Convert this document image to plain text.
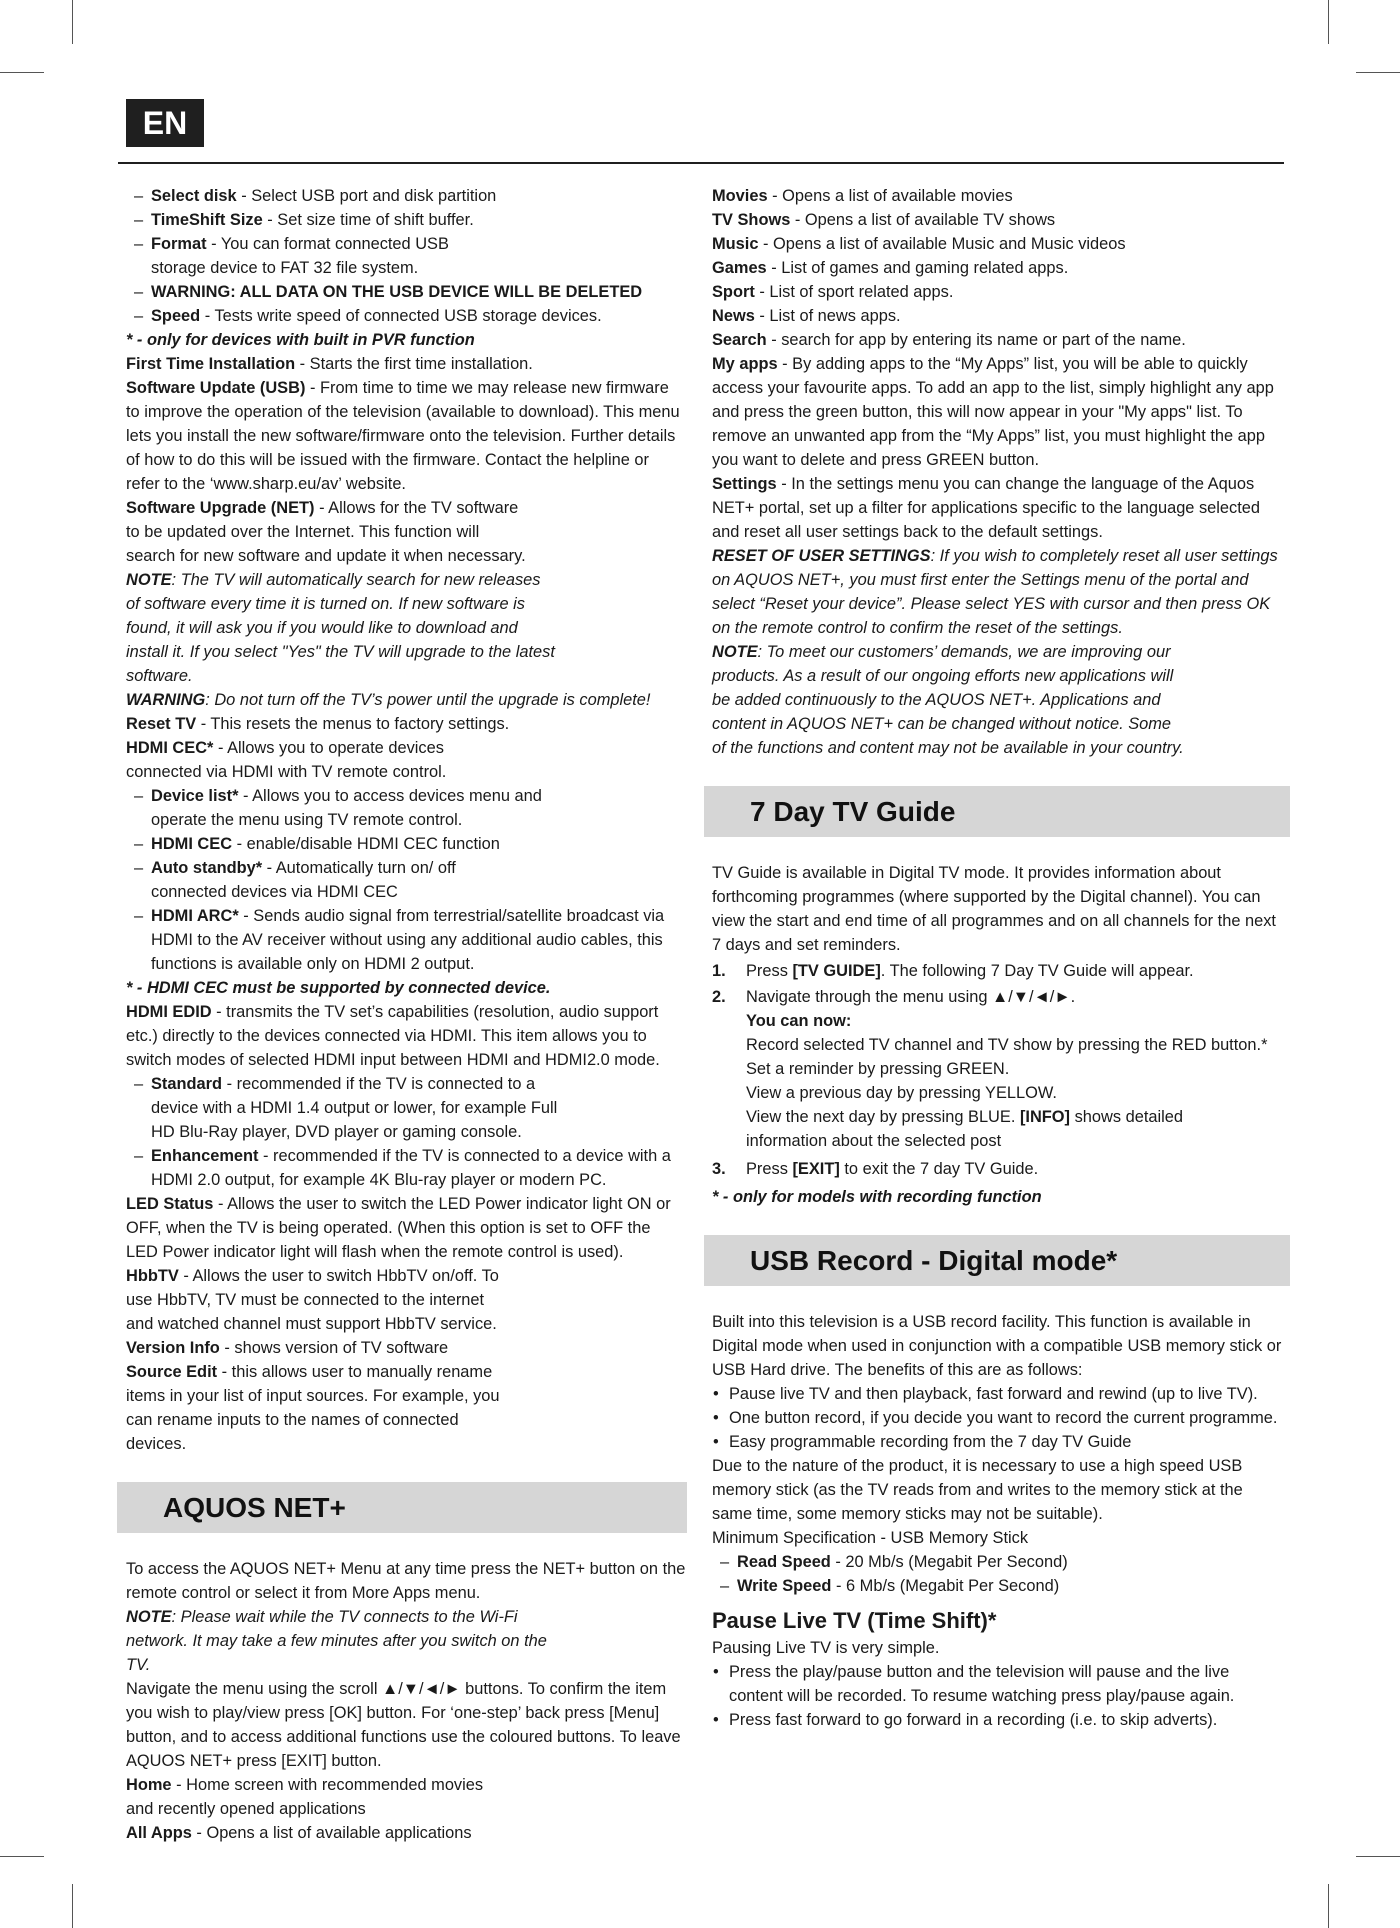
EN
– Select disk - Select USB port and disk partition
– TimeShift Size - Set size time of shift buffer.
– Format - You can format connected USB storage device to FAT 32 file system.
– WARNING: ALL DATA ON THE USB DEVICE WILL BE DELETED
– Speed - Tests write speed of connected USB storage devices.
* - only for devices with built in PVR function
First Time Installation - Starts the first time installation.
Software Update (USB) - From time to time we may release new firmware to improve the operation of the television (available to download). This menu lets you install the new software/firmware onto the television. Further details of how to do this will be issued with the firmware. Contact the helpline or refer to the ‘www.sharp.eu/av’ website.
Software Upgrade (NET) - Allows for the TV software to be updated over the Internet. This function will search for new software and update it when necessary.
NOTE: The TV will automatically search for new releases of software every time it is turned on. If new software is found, it will ask you if you would like to download and install it. If you select "Yes" the TV will upgrade to the latest software.
WARNING: Do not turn off the TV’s power until the upgrade is complete!
Reset TV - This resets the menus to factory settings.
HDMI CEC* - Allows you to operate devices connected via HDMI with TV remote control.
– Device list* - Allows you to access devices menu and operate the menu using TV remote control.
– HDMI CEC - enable/disable HDMI CEC function
– Auto standby* - Automatically turn on/ off connected devices via HDMI CEC
– HDMI ARC* - Sends audio signal from terrestrial/satellite broadcast via HDMI to the AV receiver without using any additional audio cables, this functions is available only on HDMI 2 output.
* - HDMI CEC must be supported by connected device.
HDMI EDID - transmits the TV set’s capabilities (resolution, audio support etc.) directly to the devices connected via HDMI. This item allows you to switch modes of selected HDMI input between HDMI and HDMI2.0 mode.
– Standard - recommended if the TV is connected to a device with a HDMI 1.4 output or lower, for example Full HD Blu-Ray player, DVD player or gaming console.
– Enhancement - recommended if the TV is connected to a device with a HDMI 2.0 output, for example 4K Blu-ray player or modern PC.
LED Status - Allows the user to switch the LED Power indicator light ON or OFF, when the TV is being operated. (When this option is set to OFF the LED Power indicator light will flash when the remote control is used).
HbbTV - Allows the user to switch HbbTV on/off. To use HbbTV, TV must be connected to the internet and watched channel must support HbbTV service.
Version Info - shows version of TV software
Source Edit - this allows user to manually rename items in your list of input sources. For example, you can rename inputs to the names of connected devices.
AQUOS NET+
To access the AQUOS NET+ Menu at any time press the NET+ button on the remote control or select it from More Apps menu.
NOTE: Please wait while the TV connects to the Wi-Fi network. It may take a few minutes after you switch on the TV.
Navigate the menu using the scroll ▲/▼/◄/► buttons. To confirm the item you wish to play/view press [OK] button. For ‘one-step’ back press [Menu] button, and to access additional functions use the coloured buttons. To leave AQUOS NET+ press [EXIT] button.
Home - Home screen with recommended movies and recently opened applications
All Apps - Opens a list of available applications
Movies - Opens a list of available movies
TV Shows - Opens a list of available TV shows
Music - Opens a list of available Music and Music videos
Games - List of games and gaming related apps.
Sport - List of sport related apps.
News - List of news apps.
Search - search for app by entering its name or part of the name.
My apps - By adding apps to the “My Apps” list, you will be able to quickly access your favourite apps. To add an app to the list, simply highlight any app and press the green button, this will now appear in your "My apps" list. To remove an unwanted app from the “My Apps” list, you must highlight the app you want to delete and press GREEN button.
Settings - In the settings menu you can change the language of the Aquos NET+ portal, set up a filter for applications specific to the language selected and reset all user settings back to the default settings.
RESET OF USER SETTINGS: If you wish to completely reset all user settings on AQUOS NET+, you must first enter the Settings menu of the portal and select “Reset your device”. Please select YES with cursor and then press OK on the remote control to confirm the reset of the settings.
NOTE: To meet our customers’ demands, we are improving our products. As a result of our ongoing efforts new applications will be added continuously to the AQUOS NET+. Applications and content in AQUOS NET+ can be changed without notice. Some of the functions and content may not be available in your country.
7 Day TV Guide
TV Guide is available in Digital TV mode. It provides information about forthcoming programmes (where supported by the Digital channel). You can view the start and end time of all programmes and on all channels for the next 7 days and set reminders.
1. Press [TV GUIDE]. The following 7 Day TV Guide will appear.
2. Navigate through the menu using ▲/▼/◄/►.
You can now:
Record selected TV channel and TV show by pressing the RED button.*
Set a reminder by pressing GREEN.
View a previous day by pressing YELLOW.
View the next day by pressing BLUE. [INFO] shows detailed information about the selected post
3. Press [EXIT] to exit the 7 day TV Guide.
* - only for models with recording function
USB Record - Digital mode*
Built into this television is a USB record facility. This function is available in Digital mode when used in conjunction with a compatible USB memory stick or USB Hard drive. The benefits of this are as follows:
• Pause live TV and then playback, fast forward and rewind (up to live TV).
• One button record, if you decide you want to record the current programme.
• Easy programmable recording from the 7 day TV Guide
Due to the nature of the product, it is necessary to use a high speed USB memory stick (as the TV reads from and writes to the memory stick at the same time, some memory sticks may not be suitable).
Minimum Specification - USB Memory Stick
– Read Speed - 20 Mb/s (Megabit Per Second)
– Write Speed - 6 Mb/s (Megabit Per Second)
Pause Live TV (Time Shift)*
Pausing Live TV is very simple.
• Press the play/pause button and the television will pause and the live content will be recorded. To resume watching press play/pause again.
• Press fast forward to go forward in a recording (i.e. to skip adverts).
